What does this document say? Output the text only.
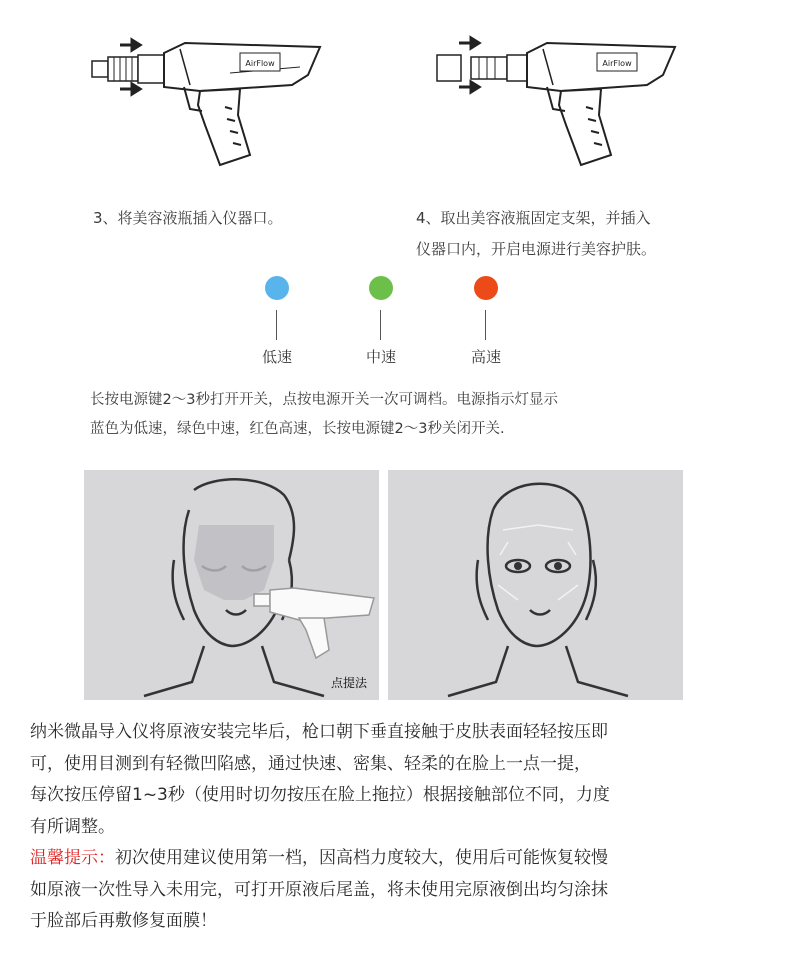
AirFlow	AirFlow
3、将美容液瓶插入仪器口。	4、取出美容液瓶固定支架，并插入
仪器口内，开启电源进行美容护肤。
低速	中速	高速
长按电源键2～3秒打开开关，点按电源开关一次可调档。电源指示灯显示
蓝色为低速，绿色中速，红色高速，长按电源键2～3秒关闭开关.
点提法
纳米微晶导入仪将原液安装完毕后，枪口朝下垂直接触于皮肤表面轻轻按压即
可，使用目测到有轻微凹陷感，通过快速、密集、轻柔的在脸上一点一提，
每次按压停留1~3秒（使用时切勿按压在脸上拖拉）根据接触部位不同，力度
有所调整。
温馨提示：初次使用建议使用第一档，因高档力度较大，使用后可能恢复较慢
如原液一次性导入未用完，可打开原液后尾盖，将未使用完原液倒出均匀涂抹
于脸部后再敷修复面膜！
